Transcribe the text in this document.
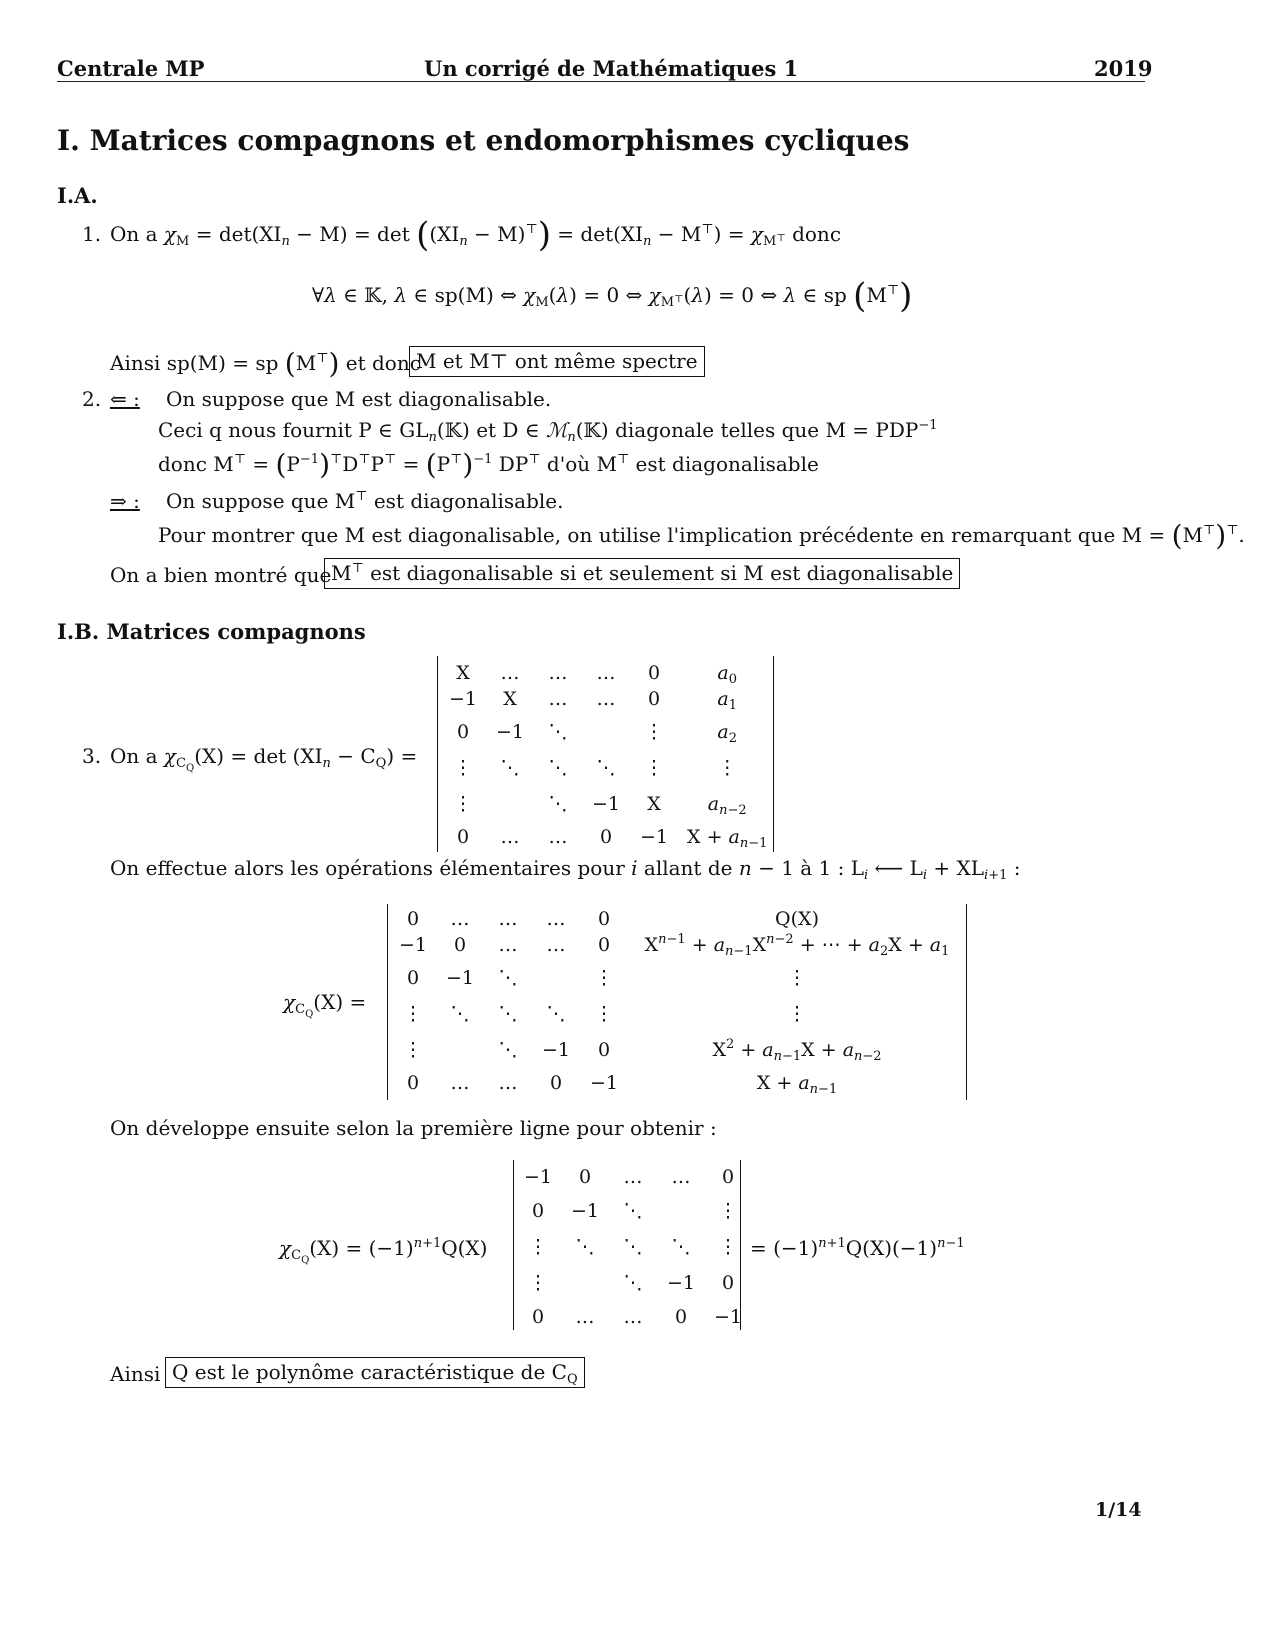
Centrale MP	Un corrigé de Mathématiques 1	2019
I. Matrices compagnons et endomorphismes cycliques
I.A.
1. On a $\chi_M = \det(XI_n - M) = \det ((XI_n - M)^⊤) = \det(XI_n - M^⊤) = \chi_{M^⊤}$ donc
∀λ ∈ 𝕂, λ ∈ sp(M) ⇔ $\chi_M(\lambda) = 0$ ⇔ $\chi_{M^⊤}(\lambda) = 0$ ⇔ λ ∈ sp (M⊤)
Ainsi sp(M) = sp (M⊤) et donc
M et M⊤ ont même spectre
2. ⇐ : On suppose que M est diagonalisable.
Ceci q nous fournit P ∈ $GL_n(𝕂)$ et D ∈ ℳ$_n$(𝕂) diagonale telles que $M = PDP^{-1}$
donc $M^⊤ = (P^{-1})^⊤D^⊤P^⊤ = (P^⊤)^{-1}$ DP⊤ d'où M⊤ est diagonalisable
⇒ : On suppose que M⊤ est diagonalisable.
Pour montrer que M est diagonalisable, on utilise l'implication précédente en remarquant que M = (M⊤)⊤.
On a bien montré que M⊤ est diagonalisable si et seulement si M est diagonalisable
I.B. Matrices compagnons
3. On a $\chi_{C_Q}(X) = \det (XI_n - C_Q)$ =
X	…	…	…	0	$a_0$
−1	X	…	…	0	$a_1$
0	−1	⋱		⋮	$a_2$
⋮	⋱	⋱	⋱	⋮	⋮
⋮		⋱	−1	X	$a_{n-2}$
0	…	…	0	−1	$X + a_{n-1}$
On effectue alors les opérations élémentaires pour i allant de n − 1 à 1 : $L_i$ ⟵ $L_i + XL_{i+1}$ :
$\chi_{C_Q}(X)$ =
0	…	…	…	0	Q(X)
−1	0	…	…	0	$X^{n-1} + a_{n-1}X^{n-2}$ + ⋯ + $a_2X + a_1$
0	−1	⋱		⋮	⋮
⋮	⋱	⋱	⋱	⋮	⋮
⋮		⋱	−1	0	$X^2 + a_{n-1}X + a_{n-2}$
0	…	…	0	−1	$X + a_{n-1}$
On développe ensuite selon la première ligne pour obtenir :
$\chi_{C_Q}(X) = (-1)^{n+1}Q(X)$
−1	0	…	…	0
0	−1	⋱		⋮
⋮	⋱	⋱	⋱	⋮
⋮		⋱	−1	0
0	…	…	0	−1
= $(-1)^{n+1}Q(X)(-1)^{n-1}$
Ainsi Q est le polynôme caractéristique de $C_Q$
1/14
